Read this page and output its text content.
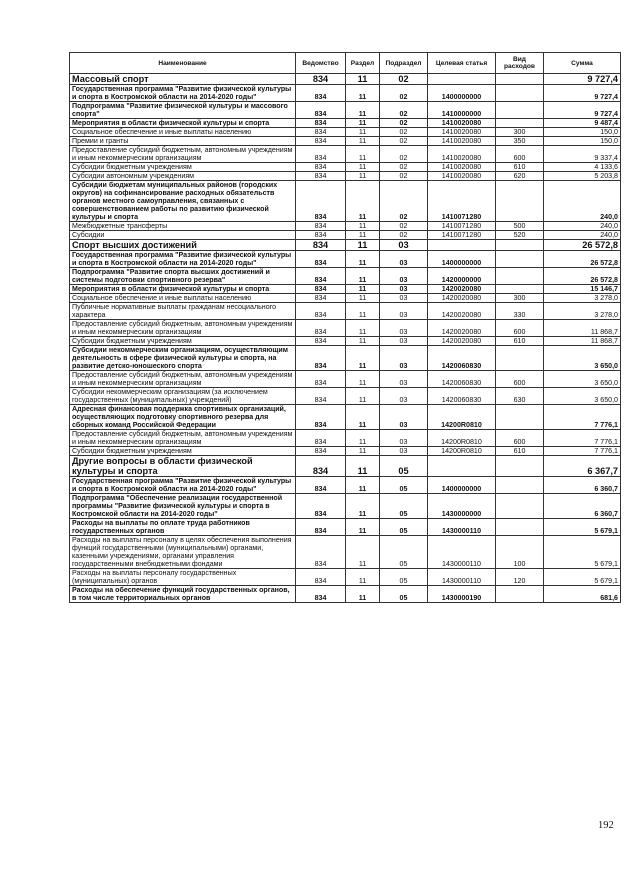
Наименование	Ведомство	Раздел	Подраздел	Целевая статья	Вид расходов	Сумма
Массовый спорт	834	11	02			9 727,4
Государственная программа "Развитие физической культуры и спорта в Костромской области на 2014-2020 годы"	834	11	02	1400000000		9 727,4
Подпрограмма "Развитие физической культуры и массового спорта"	834	11	02	1410000000		9 727,4
Мероприятия в области физической культуры и спорта	834	11	02	1410020080		9 487,4
Социальное обеспечение и иные выплаты населению	834	11	02	1410020080	300	150,0
Премии и гранты	834	11	02	1410020080	350	150,0
Предоставление субсидий бюджетным, автономным учреждениям и иным некоммерческим организациям	834	11	02	1410020080	600	9 337,4
Субсидии бюджетным учреждениям	834	11	02	1410020080	610	4 133,6
Субсидии автономным учреждениям	834	11	02	1410020080	620	5 203,8
Субсидии бюджетам муниципальных районов (городских округов) на софинансирование расходных обязательств органов местного самоуправления, связанных с совершенствованием работы по развитию физической культуры и спорта	834	11	02	1410071280		240,0
Межбюджетные трансферты	834	11	02	1410071280	500	240,0
Субсидии	834	11	02	1410071280	520	240,0
Спорт высших достижений	834	11	03			26 572,8
Государственная программа "Развитие физической культуры и спорта в Костромской области на 2014-2020 годы"	834	11	03	1400000000		26 572,8
Подпрограмма "Развитие спорта высших достижений и системы подготовки спортивного резерва"	834	11	03	1420000000		26 572,8
Мероприятия в области физической культуры и спорта	834	11	03	1420020080		15 146,7
Социальное обеспечение и иные выплаты населению	834	11	03	1420020080	300	3 278,0
Публичные нормативные выплаты гражданам несоциального характера	834	11	03	1420020080	330	3 278,0
Предоставление субсидий бюджетным, автономным учреждениям и иным некоммерческим организациям	834	11	03	1420020080	600	11 868,7
Субсидии бюджетным учреждениям	834	11	03	1420020080	610	11 868,7
Субсидии некоммерческим организациям, осуществляющим деятельность в сфере физической культуры и спорта, на развитие детско-юношеского спорта	834	11	03	1420060830		3 650,0
Предоставление субсидий бюджетным, автономным учреждениям и иным некоммерческим организациям	834	11	03	1420060830	600	3 650,0
Субсидии некоммерческим организациям (за исключением государственных (муниципальных) учреждений)	834	11	03	1420060830	630	3 650,0
Адресная финансовая поддержка спортивных организаций, осуществляющих подготовку спортивного резерва для сборных команд Российской Федерации	834	11	03	14200R0810		7 776,1
Предоставление субсидий бюджетным, автономным учреждениям и иным некоммерческим организациям	834	11	03	14200R0810	600	7 776,1
Субсидии бюджетным учреждениям	834	11	03	14200R0810	610	7 776,1
Другие вопросы в области физической культуры и спорта	834	11	05			6 367,7
Государственная программа "Развитие физической культуры и спорта в Костромской области на 2014-2020 годы"	834	11	05	1400000000		6 360,7
Подпрограмма "Обеспечение реализации государственной программы "Развитие физической культуры и спорта в Костромской области на 2014-2020 годы"	834	11	05	1430000000		6 360,7
Расходы на выплаты по оплате труда работников государственных органов	834	11	05	1430000110		5 679,1
Расходы на выплаты персоналу в целях обеспечения выполнения функций государственными (муниципальными) органами, казенными учреждениями, органами управления государственными внебюджетными фондами	834	11	05	1430000110	100	5 679,1
Расходы на выплаты персоналу государственных (муниципальных) органов	834	11	05	1430000110	120	5 679,1
Расходы на обеспечение функций государственных органов, в том числе территориальных органов	834	11	05	1430000190		681,6
192
